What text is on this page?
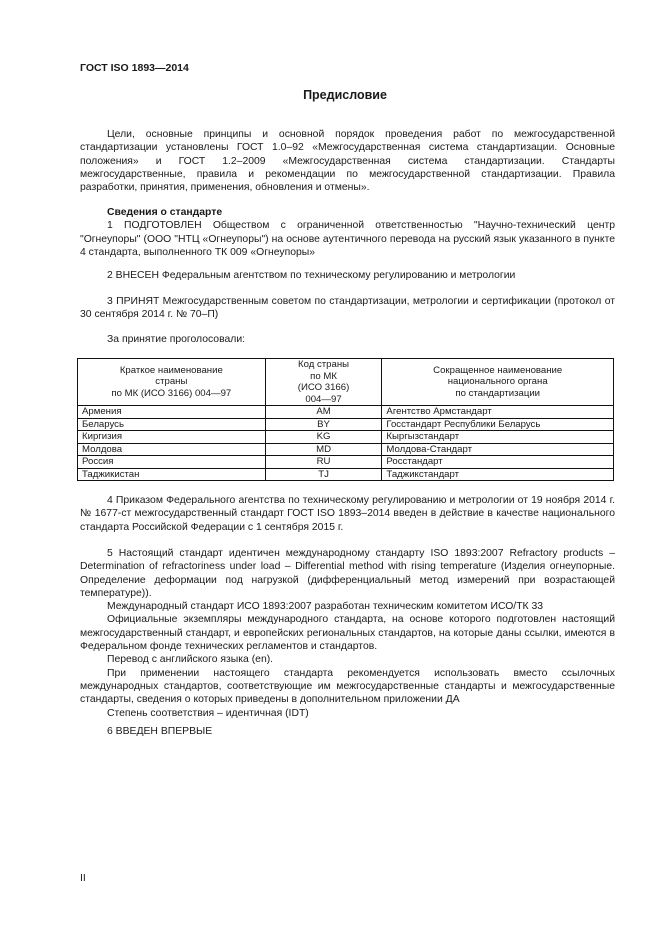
ГОСТ ISO 1893—2014
Предисловие

Цели, основные принципы и основной порядок проведения работ по межгосударственной стандартизации установлены ГОСТ 1.0–92 «Межгосударственная система стандартизации. Основные положения» и ГОСТ 1.2–2009 «Межгосударственная система стандартизации. Стандарты межгосударственные, правила и рекомендации по межгосударственной стандартизации. Правила разработки, принятия, применения, обновления и отмены».

Сведения о стандарте

1 ПОДГОТОВЛЕН Обществом с ограниченной ответственностью "Научно-технический центр "Огнеупоры" (ООО "НТЦ «Огнеупоры") на основе аутентичного перевода на русский язык указанного в пункте 4 стандарта, выполненного ТК 009 «Огнеупоры»

2 ВНЕСЕН Федеральным агентством по техническому регулированию и метрологии

3 ПРИНЯТ Межгосударственным советом по стандартизации, метрологии и сертификации (протокол от 30 сентября 2014 г. № 70–П)

За принятие проголосовали:

Краткое наименование
страны
по МК (ИСО 3166) 004—97

Код страны
по МК
(ИСО 3166)
004—97

Сокращенное наименование
национального органа
по стандартизации

Армения	AM	Агентство Армстандарт
Беларусь	BY	Госстандарт Республики Беларусь
Киргизия	KG	Кыргызстандарт
Молдова	MD	Молдова-Стандарт
Россия	RU	Росстандарт
Таджикистан	TJ	Таджикстандарт

4 Приказом Федерального агентства по техническому регулированию и метрологии от 19 ноября 2014 г. № 1677-ст межгосударственный стандарт ГОСТ ISO 1893–2014 введен в действие в качестве национального стандарта Российской Федерации с 1 сентября 2015 г.

5 Настоящий стандарт идентичен международному стандарту ISO 1893:2007 Refractory products – Determination of refractoriness under load – Differential method with rising temperature (Изделия огнеупорные. Определение деформации под нагрузкой (дифференциальный метод измерений при возрастающей температуре)).

Международный стандарт ИСО 1893:2007 разработан техническим комитетом ИСО/ТК 33

Официальные экземпляры международного стандарта, на основе которого подготовлен настоящий межгосударственный стандарт, и европейских региональных стандартов, на которые даны ссылки, имеются в Федеральном фонде технических регламентов и стандартов.

Перевод с английского языка (en).

При применении настоящего стандарта рекомендуется использовать вместо ссылочных международных стандартов, соответствующие им межгосударственные стандарты и межгосударственные стандарты, сведения о которых приведены в дополнительном приложении ДА

Степень соответствия – идентичная (IDT)

6 ВВЕДЕН ВПЕРВЫЕ

II
